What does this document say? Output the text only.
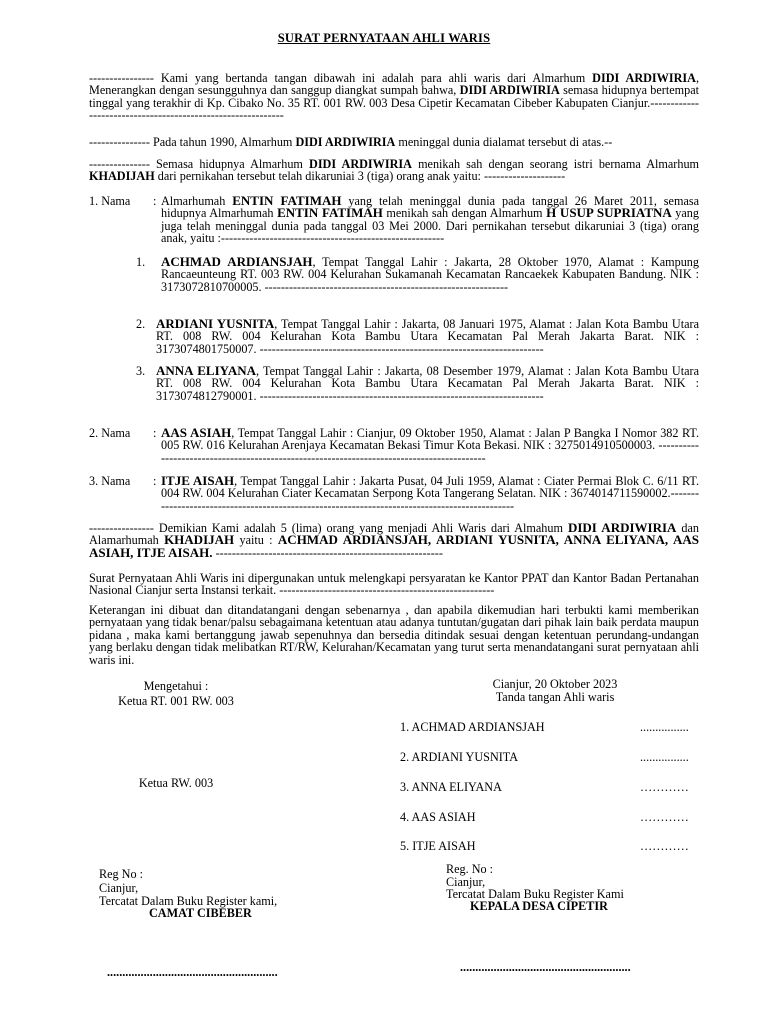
SURAT PERNYATAAN AHLI WARIS
---------------- Kami yang bertanda tangan dibawah ini adalah para ahli waris dari Almarhum DIDI ARDIWIRIA, Menerangkan dengan sesungguhnya dan sanggup diangkat sumpah bahwa, DIDI ARDIWIRIA semasa hidupnya bertempat tinggal yang terakhir di Kp. Cibako No. 35 RT. 001 RW. 003 Desa Cipetir Kecamatan Cibeber Kabupaten Cianjur.------------------------------------------------------------
--------------- Pada tahun 1990, Almarhum DIDI ARDIWIRIA meninggal dunia dialamat tersebut di atas.--
--------------- Semasa hidupnya Almarhum DIDI ARDIWIRIA menikah sah dengan seorang istri bernama Almarhum KHADIJAH dari pernikahan tersebut telah dikaruniai 3 (tiga) orang anak yaitu: --------------------
1. Nama : Almarhumah ENTIN FATIMAH yang telah meninggal dunia pada tanggal 26 Maret 2011, semasa hidupnya Almarhumah ENTIN FATIMAH menikah sah dengan Almarhum H USUP SUPRIATNA yang juga telah meninggal dunia pada tanggal 03 Mei 2000. Dari pernikahan tersebut dikaruniai 3 (tiga) orang anak, yaitu :-------------------------------------------------------
1. ACHMAD ARDIANSJAH, Tempat Tanggal Lahir : Jakarta, 28 Oktober 1970, Alamat : Kampung Rancaeunteung RT. 003 RW. 004 Kelurahan Sukamanah Kecamatan Rancaekek Kabupaten Bandung. NIK : 3173072810700005. ------------------------------------------------------------
2. ARDIANI YUSNITA, Tempat Tanggal Lahir : Jakarta, 08 Januari 1975, Alamat : Jalan Kota Bambu Utara RT. 008 RW. 004 Kelurahan Kota Bambu Utara Kecamatan Pal Merah Jakarta Barat. NIK : 3173074801750007. ----------------------------------------------------------------------
3. ANNA ELIYANA, Tempat Tanggal Lahir : Jakarta, 08 Desember 1979, Alamat : Jalan Kota Bambu Utara RT. 008 RW. 004 Kelurahan Kota Bambu Utara Kecamatan Pal Merah Jakarta Barat. NIK : 3173074812790001. ----------------------------------------------------------------------
2. Nama : AAS ASIAH, Tempat Tanggal Lahir : Cianjur, 09 Oktober 1950, Alamat : Jalan P Bangka I Nomor 382 RT. 005 RW. 016 Kelurahan Arenjaya Kecamatan Bekasi Timur Kota Bekasi. NIK : 3275014910500003. ------------------------------------------------------------------------------------------
3. Nama : ITJE AISAH, Tempat Tanggal Lahir : Jakarta Pusat, 04 Juli 1959, Alamat : Ciater Permai Blok C. 6/11 RT. 004 RW. 004 Kelurahan Ciater Kecamatan Serpong Kota Tangerang Selatan. NIK : 3674014711590002.----------------------------------------------------------------------------------------------
---------------- Demikian Kami adalah 5 (lima) orang yang menjadi Ahli Waris dari Almahum DIDI ARDIWIRIA dan Alamarhumah KHADIJAH yaitu : ACHMAD ARDIANSJAH, ARDIANI YUSNITA, ANNA ELIYANA, AAS ASIAH, ITJE AISAH. --------------------------------------------------------
Surat Pernyataan Ahli Waris ini dipergunakan untuk melengkapi persyaratan ke Kantor PPAT dan Kantor Badan Pertanahan Nasional Cianjur serta Instansi terkait. -----------------------------------------------------
Keterangan ini dibuat dan ditandatangani dengan sebenarnya , dan apabila dikemudian hari terbukti kami memberikan pernyataan yang tidak benar/palsu sebagaimana ketentuan atau adanya tuntutan/gugatan dari pihak lain baik perdata maupun pidana , maka kami bertanggung jawab sepenuhnya dan bersedia ditindak sesuai dengan ketentuan perundang-undangan yang berlaku dengan tidak melibatkan RT/RW, Kelurahan/Kecamatan yang turut serta menandatangani surat pernyataan ahli waris ini.
Mengetahui :
Ketua RT. 001 RW. 003
Ketua RW. 003
Reg No :
Cianjur,
Tercatat Dalam Buku Register kami,
CAMAT CIBEBER
........................................................
Cianjur, 20 Oktober 2023
Tanda tangan Ahli waris
1. ACHMAD ARDIANSJAH	................
2. ARDIANI YUSNITA	................
3. ANNA ELIYANA	…………
4. AAS ASIAH	…………
5. ITJE AISAH	…………
Reg. No :
Cianjur,
Tercatat Dalam Buku Register Kami
KEPALA DESA CIPETIR
........................................................
